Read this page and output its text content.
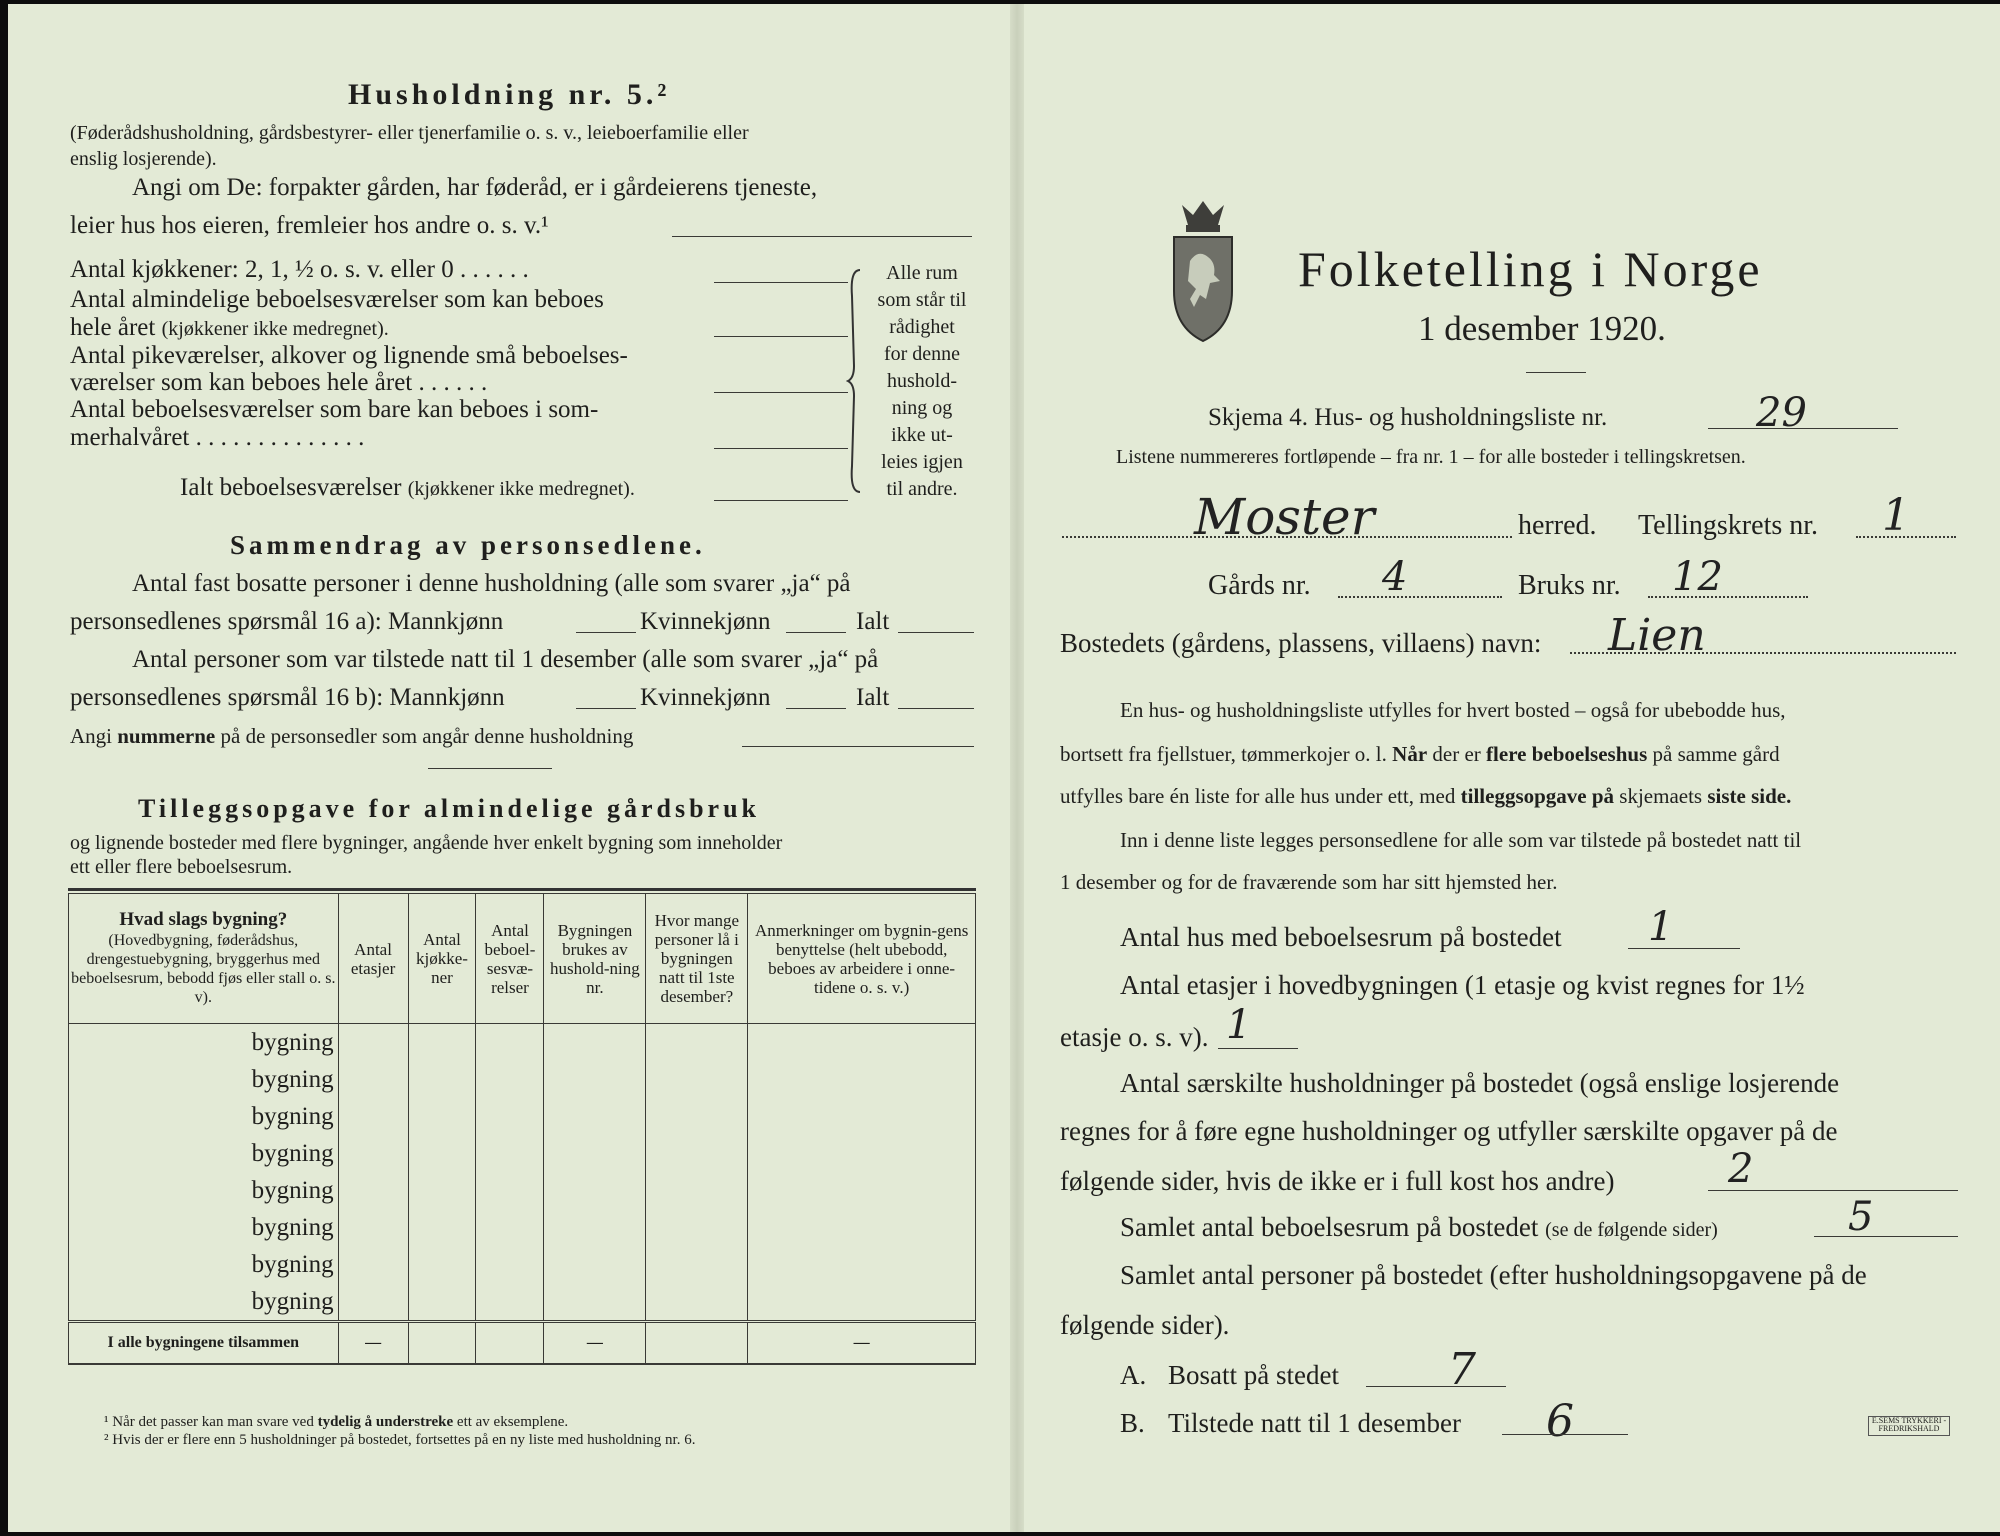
Husholdning nr. 5.²
(Føderådshusholdning, gårdsbestyrer- eller tjenerfamilie o. s. v., leieboerfamilie eller
enslig losjerende).
Angi om De: forpakter gården, har føderåd, er i gårdeierens tjeneste,
leier hus hos eieren, fremleier hos andre o. s. v.¹
Antal kjøkkener: 2, 1, ½ o. s. v. eller 0 . . . . . .
Antal almindelige beboelsesværelser som kan beboes
hele året (kjøkkener ikke medregnet).
Antal pikeværelser, alkover og lignende små beboelses-
værelser som kan beboes hele året . . . . . .
Antal beboelsesværelser som bare kan beboes i som-
merhalvåret . . . . . . . . . . . . . .
Alle rum
som står til
rådighet
for denne
hushold-
ning og
ikke ut-
leies igjen
til andre.
Ialt beboelsesværelser (kjøkkener ikke medregnet).
Sammendrag av personsedlene.
Antal fast bosatte personer i denne husholdning (alle som svarer „ja“ på
personsedlenes spørsmål 16 a): Mannkjønn	Kvinnekjønn	Ialt
Antal personer som var tilstede natt til 1 desember (alle som svarer „ja“ på
personsedlenes spørsmål 16 b): Mannkjønn	Kvinnekjønn	Ialt
Angi nummerne på de personsedler som angår denne husholdning
Tilleggsopgave for almindelige gårdsbruk
og lignende bosteder med flere bygninger, angående hver enkelt bygning som inneholder
ett eller flere beboelsesrum.
Hvad slags bygning?
(Hovedbygning, føderådshus, drengestuebygning, bryggerhus med beboelsesrum, bebodd fjøs eller stall o. s. v).	Antal etasjer	Antal kjøkke-ner	Antal beboel-sesvæ-relser	Bygningen brukes av hushold-ning nr.	Hvor mange personer lå i bygningen natt til 1ste desember?	Anmerkninger om bygnin-gens benyttelse (helt ubebodd, beboes av arbeidere i onne-tidene o. s. v.)
bygning						
bygning						
bygning						
bygning						
bygning						
bygning						
bygning						
bygning						
I alle bygningene tilsammen	—			—		—
¹ Når det passer kan man svare ved tydelig å understreke ett av eksemplene.
² Hvis der er flere enn 5 husholdninger på bostedet, fortsettes på en ny liste med husholdning nr. 6.
Folketelling i Norge
1 desember 1920.
Skjema 4. Hus- og husholdningsliste nr.	29
Listene nummereres fortløpende – fra nr. 1 – for alle bosteder i tellingskretsen.
Moster	herred. Tellingskrets nr. 1
Gårds nr. 4	Bruks nr. 12
Bostedets (gårdens, plassens, villaens) navn: Lien
En hus- og husholdningsliste utfylles for hvert bosted – også for ubebodde hus,
bortsett fra fjellstuer, tømmerkojer o. l. Når der er flere beboelseshus på samme gård
utfylles bare én liste for alle hus under ett, med tilleggsopgave på skjemaets siste side.
Inn i denne liste legges personsedlene for alle som var tilstede på bostedet natt til
1 desember og for de fraværende som har sitt hjemsted her.
Antal hus med beboelsesrum på bostedet 1
Antal etasjer i hovedbygningen (1 etasje og kvist regnes for 1½
etasje o. s. v). 1
Antal særskilte husholdninger på bostedet (også enslige losjerende
regnes for å føre egne husholdninger og utfyller særskilte opgaver på de
følgende sider, hvis de ikke er i full kost hos andre)	2
Samlet antal beboelsesrum på bostedet (se de følgende sider)	5
Samlet antal personer på bostedet (efter husholdningsopgavene på de
følgende sider).
A. Bosatt på stedet 7
B. Tilstede natt til 1 desember 6	E.SEMS TRYKKERI - FREDRIKSHALD
